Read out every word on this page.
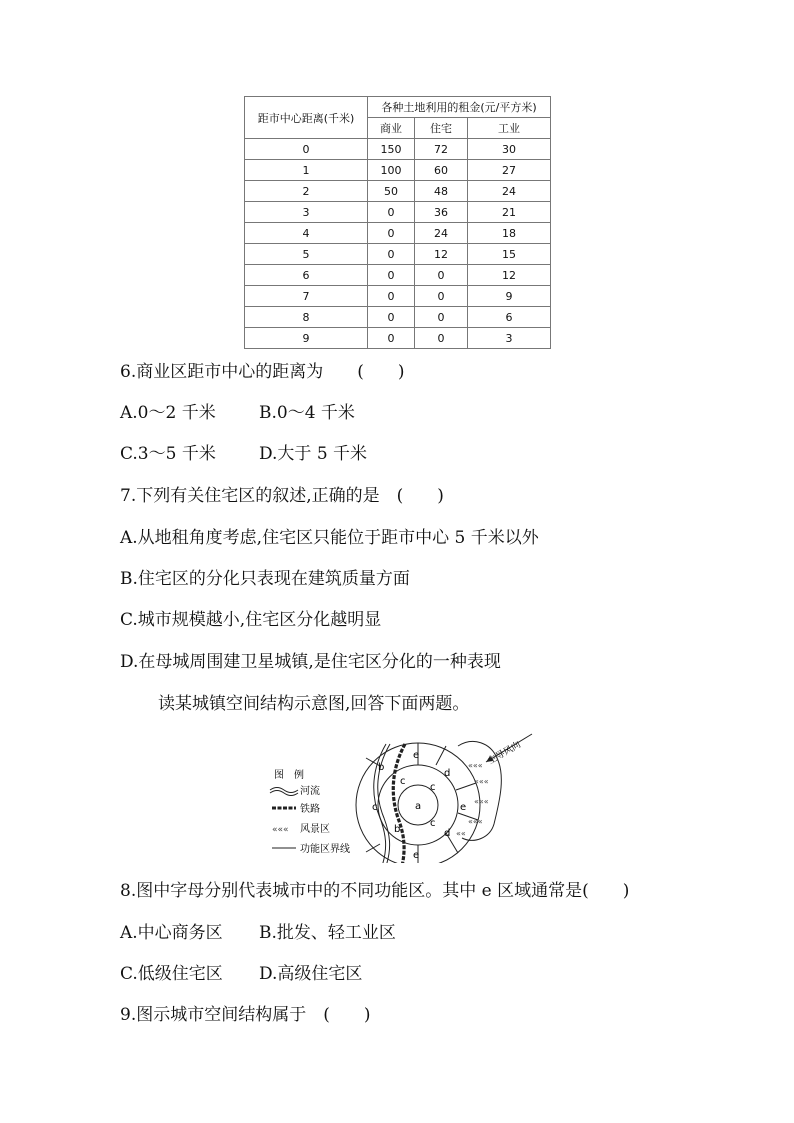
距市中心距离(千米)	各种土地利用的租金(元/平方米)		
	商业	住宅	工业
0	150	72	30
1	100	60	27
2	50	48	24
3	0	36	21
4	0	24	18
5	0	12	15
6	0	0	12
7	0	0	9
8	0	0	6
9	0	0	3
6.商业区距市中心的距离为　　(　　)
A.0～2 千米	B.0～4 千米
C.3～5 千米	D.大于 5 千米
7.下列有关住宅区的叙述,正确的是　(　　)
A.从地租角度考虑,住宅区只能位于距市中心 5 千米以外
B.住宅区的分化只表现在建筑质量方面
C.城市规模越小,住宅区分化越明显
D.在母城周围建卫星城镇,是住宅区分化的一种表现
读某城镇空间结构示意图,回答下面两题。
图　例
河流
铁路
««« 风景区
功能区界线
«««
«««
«««
«««
««
主导风向
a
b
b
c
c
c
c
d
d
e
e
e
8.图中字母分别代表城市中的不同功能区。其中 e 区域通常是(　　)
A.中心商务区 B.批发、轻工业区
C.低级住宅区 D.高级住宅区
9.图示城市空间结构属于　(　　)
